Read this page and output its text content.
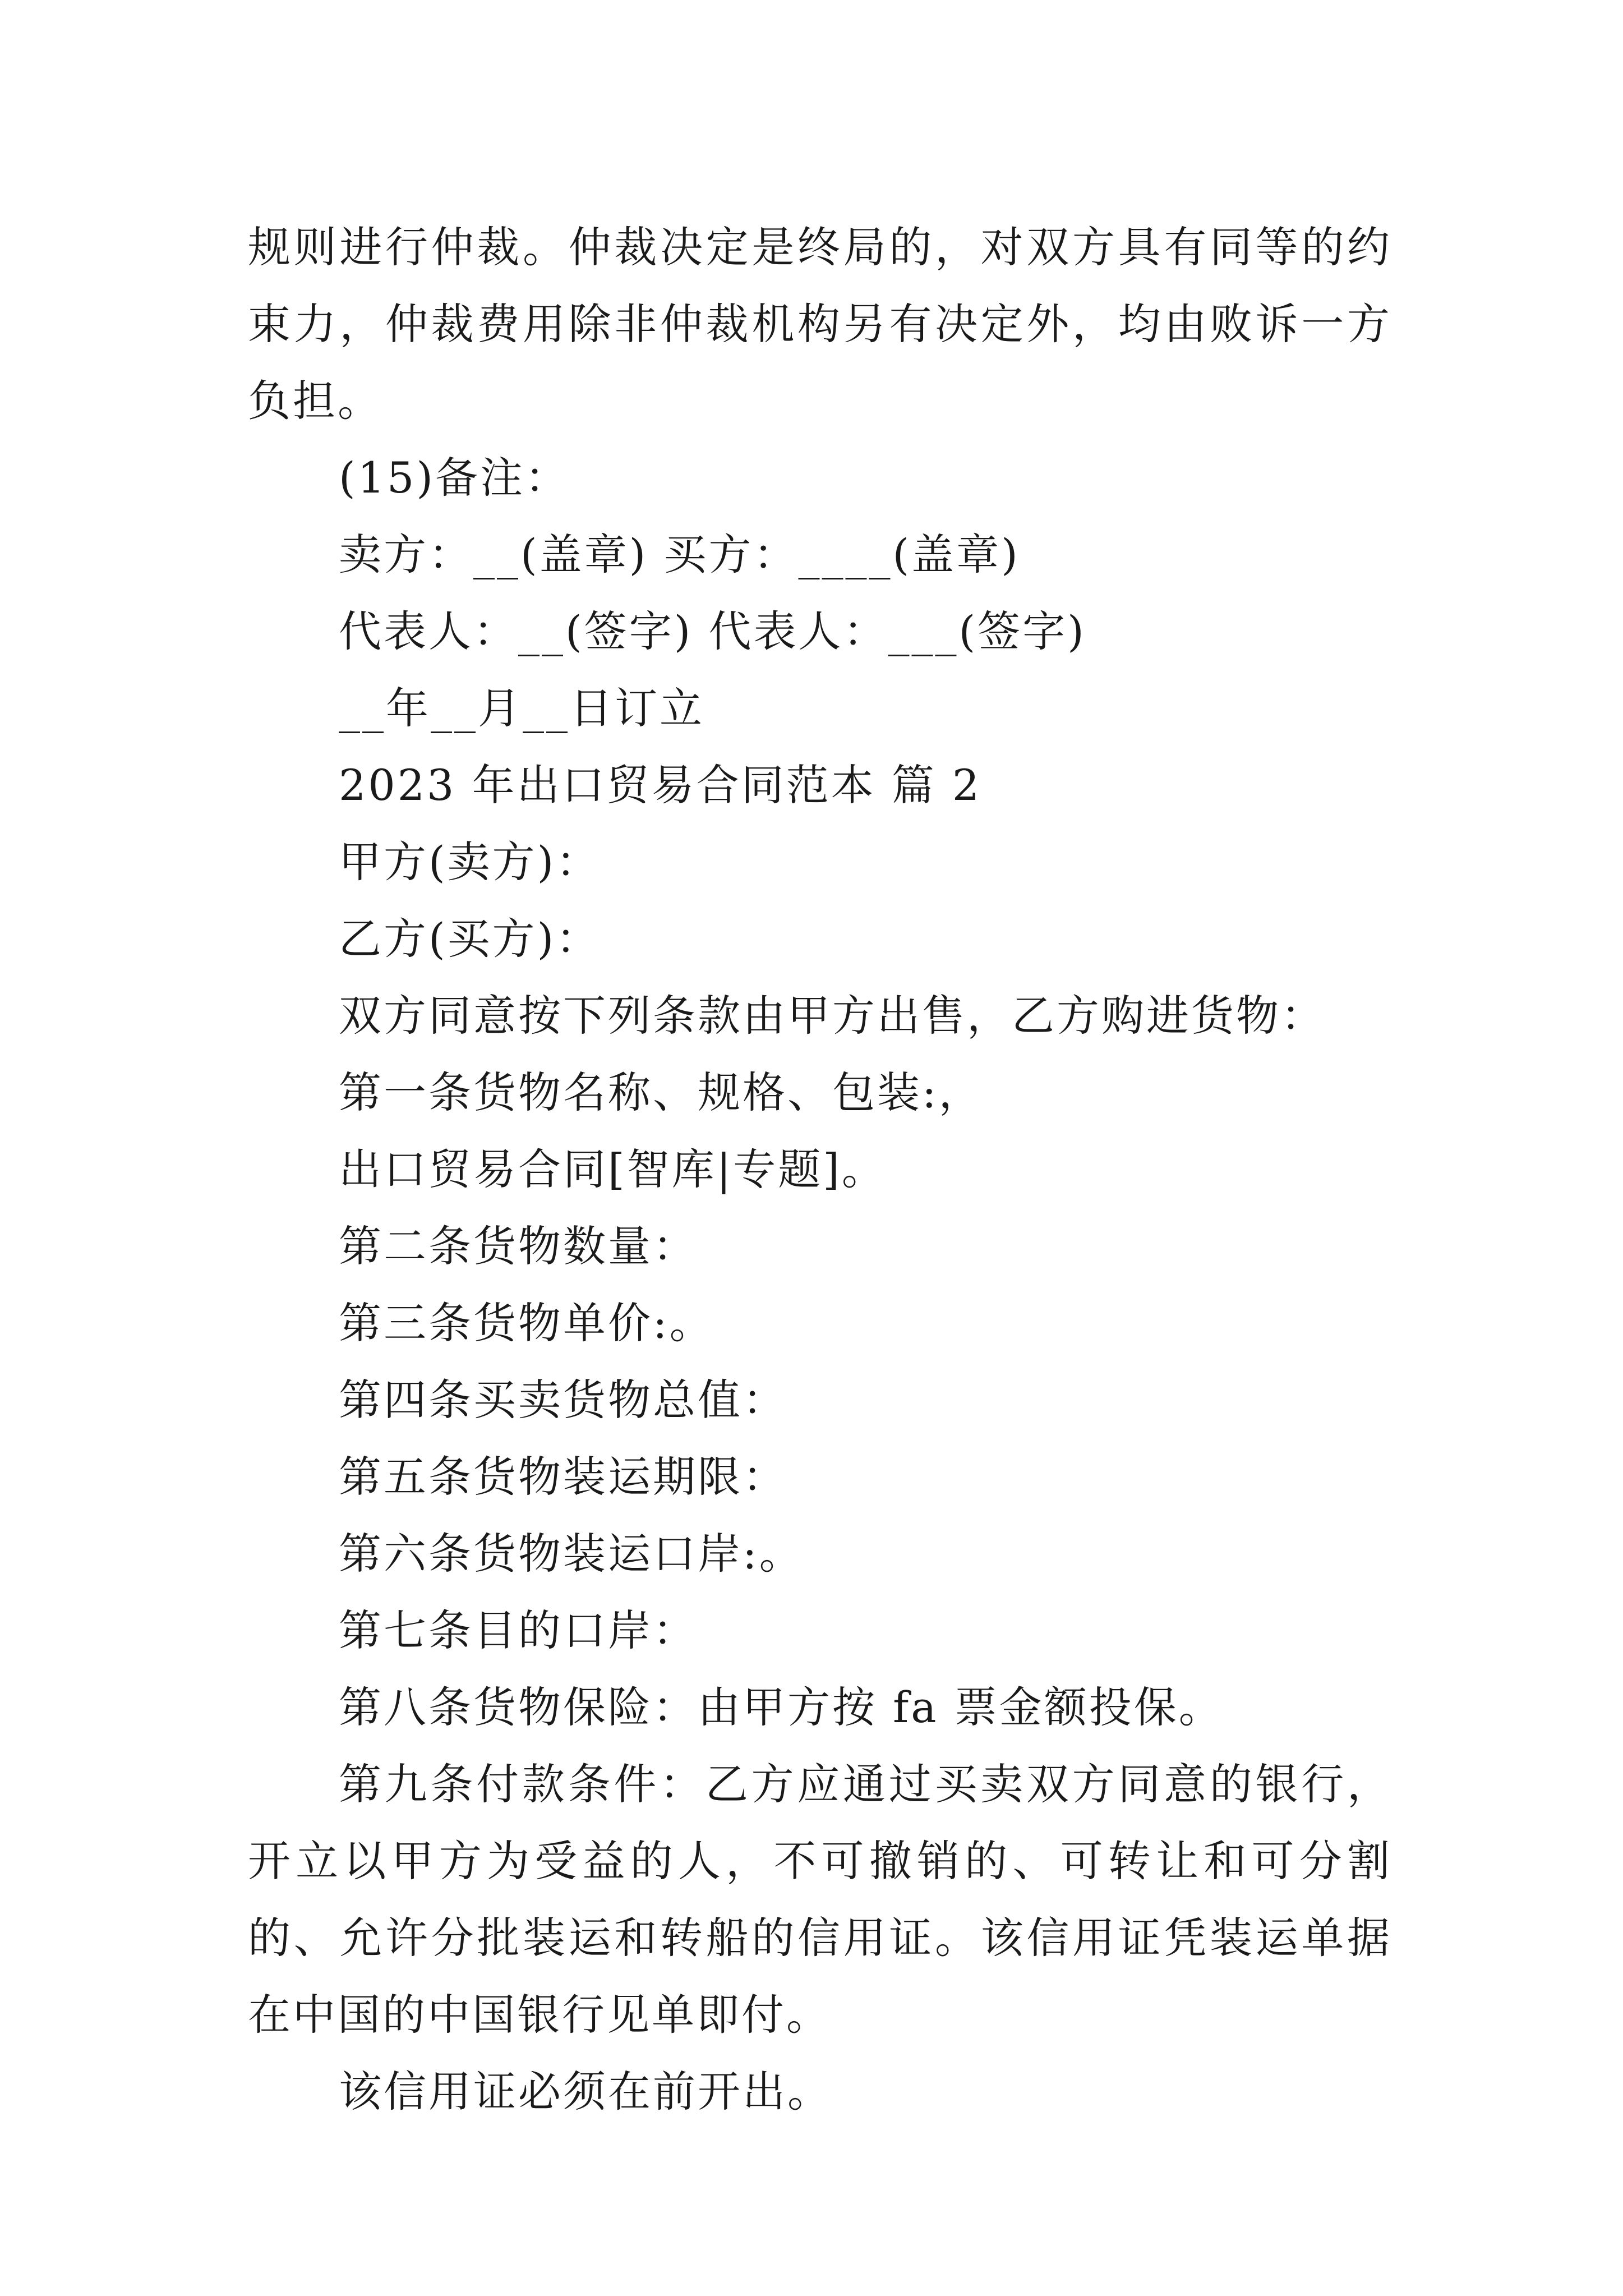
规则进行仲裁。仲裁决定是终局的，对双方具有同等的约束力，仲裁费用除非仲裁机构另有决定外，均由败诉一方负担。

(15)备注：

卖方：__(盖章) 买方：____(盖章)

代表人：__(签字) 代表人：___(签字)

__年__月__日订立

2023 年出口贸易合同范本 篇 2

甲方(卖方)：

乙方(买方)：

双方同意按下列条款由甲方出售，乙方购进货物：

第一条货物名称、规格、包装:，

出口贸易合同[智库|专题]。

第二条货物数量：

第三条货物单价:。

第四条买卖货物总值：

第五条货物装运期限：

第六条货物装运口岸:。

第七条目的口岸：

第八条货物保险：由甲方按 fa 票金额投保。

第九条付款条件：乙方应通过买卖双方同意的银行，开立以甲方为受益的人，不可撤销的、可转让和可分割的、允许分批装运和转船的信用证。该信用证凭装运单据在中国的中国银行见单即付。

该信用证必须在前开出。
